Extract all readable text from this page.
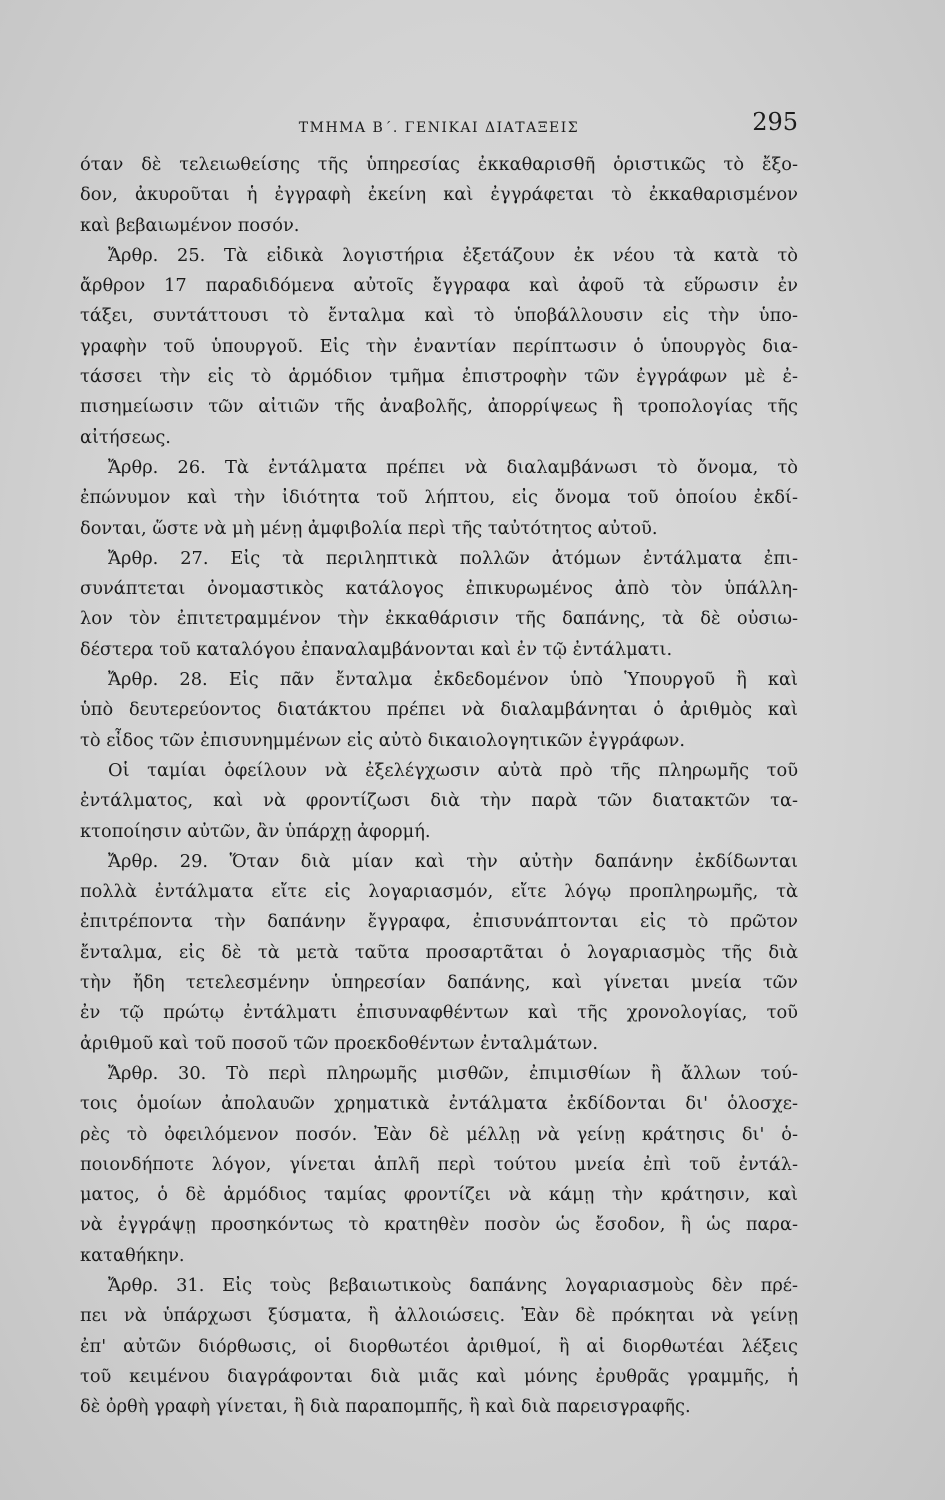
ΤΜΗΜΑ Β΄. ΓΕΝΙΚΑΙ ΔΙΑΤΑΞΕΙΣ	295
όταν δὲ τελειωθείσης τῆς ὑπηρεσίας ἐκκαθαρισθῆ ὁριστικῶς τὸ ἔξο-
δον, ἀκυροῦται ἡ ἐγγραφὴ ἐκείνη καὶ ἐγγράφεται τὸ ἐκκαθαρισμένον
καὶ βεβαιωμένον ποσόν.
Ἄρθρ. 25. Τὰ εἰδικὰ λογιστήρια ἐξετάζουν ἐκ νέου τὰ κατὰ τὸ
ἄρθρον 17 παραδιδόμενα αὐτοῖς ἔγγραφα καὶ ἀφοῦ τὰ εὕρωσιν ἐν
τάξει, συντάττουσι τὸ ἔνταλμα καὶ τὸ ὑποβάλλουσιν εἰς τὴν ὑπο-
γραφὴν τοῦ ὑπουργοῦ. Εἰς τὴν ἐναντίαν περίπτωσιν ὁ ὑπουργὸς δια-
τάσσει τὴν εἰς τὸ ἁρμόδιον τμῆμα ἐπιστροφὴν τῶν ἐγγράφων μὲ ἐ-
πισημείωσιν τῶν αἰτιῶν τῆς ἀναβολῆς, ἀπορρίψεως ἢ τροπολογίας τῆς
αἰτήσεως.
Ἄρθρ. 26. Τὰ ἐντάλματα πρέπει νὰ διαλαμβάνωσι τὸ ὄνομα, τὸ
ἐπώνυμον καὶ τὴν ἰδιότητα τοῦ λήπτου, εἰς ὄνομα τοῦ ὁποίου ἐκδί-
δονται, ὥστε νὰ μὴ μένῃ ἀμφιβολία περὶ τῆς ταὐτότητος αὐτοῦ.
Ἄρθρ. 27. Εἰς τὰ περιληπτικὰ πολλῶν ἀτόμων ἐντάλματα ἐπι-
συνάπτεται ὀνομαστικὸς κατάλογος ἐπικυρωμένος ἀπὸ τὸν ὑπάλλη-
λον τὸν ἐπιτετραμμένον τὴν ἐκκαθάρισιν τῆς δαπάνης, τὰ δὲ οὐσιω-
δέστερα τοῦ καταλόγου ἐπαναλαμβάνονται καὶ ἐν τῷ ἐντάλματι.
Ἄρθρ. 28. Εἰς πᾶν ἔνταλμα ἐκδεδομένον ὑπὸ Ὑπουργοῦ ἢ καὶ
ὑπὸ δευτερεύοντος διατάκτου πρέπει νὰ διαλαμβάνηται ὁ ἀριθμὸς καὶ
τὸ εἶδος τῶν ἐπισυνημμένων εἰς αὐτὸ δικαιολογητικῶν ἐγγράφων.
Οἱ ταμίαι ὀφείλουν νὰ ἐξελέγχωσιν αὐτὰ πρὸ τῆς πληρωμῆς τοῦ
ἐντάλματος, καὶ νὰ φροντίζωσι διὰ τὴν παρὰ τῶν διατακτῶν τα-
κτοποίησιν αὐτῶν, ἂν ὑπάρχῃ ἀφορμή.
Ἄρθρ. 29. Ὅταν διὰ μίαν καὶ τὴν αὐτὴν δαπάνην ἐκδίδωνται
πολλὰ ἐντάλματα εἴτε εἰς λογαριασμόν, εἴτε λόγῳ προπληρωμῆς, τὰ
ἐπιτρέποντα τὴν δαπάνην ἔγγραφα, ἐπισυνάπτονται εἰς τὸ πρῶτον
ἔνταλμα, εἰς δὲ τὰ μετὰ ταῦτα προσαρτᾶται ὁ λογαριασμὸς τῆς διὰ
τὴν ἤδη τετελεσμένην ὑπηρεσίαν δαπάνης, καὶ γίνεται μνεία τῶν
ἐν τῷ πρώτῳ ἐντάλματι ἐπισυναφθέντων καὶ τῆς χρονολογίας, τοῦ
ἀριθμοῦ καὶ τοῦ ποσοῦ τῶν προεκδοθέντων ἐνταλμάτων.
Ἄρθρ. 30. Τὸ περὶ πληρωμῆς μισθῶν, ἐπιμισθίων ἢ ἄλλων τού-
τοις ὁμοίων ἀπολαυῶν χρηματικὰ ἐντάλματα ἐκδίδονται δι' ὁλοσχε-
ρὲς τὸ ὀφειλόμενον ποσόν. Ἐὰν δὲ μέλλῃ νὰ γείνῃ κράτησις δι' ὁ-
ποιονδήποτε λόγον, γίνεται ἁπλῆ περὶ τούτου μνεία ἐπὶ τοῦ ἐντάλ-
ματος, ὁ δὲ ἁρμόδιος ταμίας φροντίζει νὰ κάμῃ τὴν κράτησιν, καὶ
νὰ ἐγγράψῃ προσηκόντως τὸ κρατηθὲν ποσὸν ὡς ἔσοδον, ἢ ὡς παρα-
καταθήκην.
Ἄρθρ. 31. Εἰς τοὺς βεβαιωτικοὺς δαπάνης λογαριασμοὺς δὲν πρέ-
πει νὰ ὑπάρχωσι ξύσματα, ἢ ἀλλοιώσεις. Ἐὰν δὲ πρόκηται νὰ γείνῃ
ἐπ' αὐτῶν διόρθωσις, οἱ διορθωτέοι ἀριθμοί, ἢ αἱ διορθωτέαι λέξεις
τοῦ κειμένου διαγράφονται διὰ μιᾶς καὶ μόνης ἐρυθρᾶς γραμμῆς, ἡ
δὲ ὀρθὴ γραφὴ γίνεται, ἢ διὰ παραπομπῆς, ἢ καὶ διὰ παρεισγραφῆς.
